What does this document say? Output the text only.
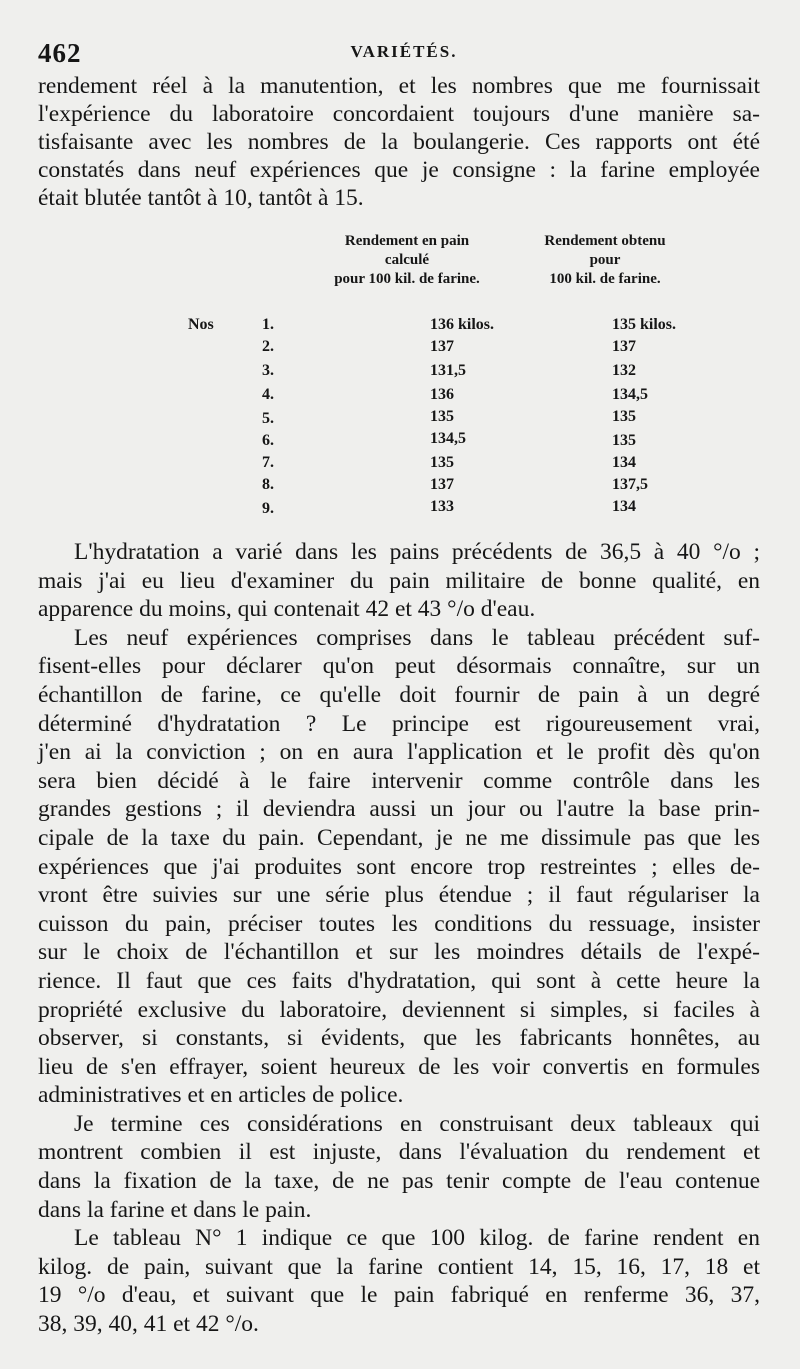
462	VARIÉTÉS.
rendement réel à la manutention, et les nombres que me fournissait
l'expérience du laboratoire concordaient toujours d'une manière sa-
tisfaisante avec les nombres de la boulangerie. Ces rapports ont été
constatés dans neuf expériences que je consigne : la farine employée
était blutée tantôt à 10, tantôt à 15.
Rendement en pain
calculé
pour 100 kil. de farine.
Rendement obtenu
pour
100 kil. de farine.
Nos	1.	136 kilos.	135 kilos.
2.	137	137
3.	131,5	132
4.	136	134,5
5.	135	135
6.	134,5	135
7.	135	134
8.	137	137,5
9.	133	134
L'hydratation a varié dans les pains précédents de 36,5 à 40 °/o ;
mais j'ai eu lieu d'examiner du pain militaire de bonne qualité, en
apparence du moins, qui contenait 42 et 43 °/o d'eau.
Les neuf expériences comprises dans le tableau précédent suf-
fisent-elles pour déclarer qu'on peut désormais connaître, sur un
échantillon de farine, ce qu'elle doit fournir de pain à un degré
déterminé d'hydratation ? Le principe est rigoureusement vrai,
j'en ai la conviction ; on en aura l'application et le profit dès qu'on
sera bien décidé à le faire intervenir comme contrôle dans les
grandes gestions ; il deviendra aussi un jour ou l'autre la base prin-
cipale de la taxe du pain. Cependant, je ne me dissimule pas que les
expériences que j'ai produites sont encore trop restreintes ; elles de-
vront être suivies sur une série plus étendue ; il faut régulariser la
cuisson du pain, préciser toutes les conditions du ressuage, insister
sur le choix de l'échantillon et sur les moindres détails de l'expé-
rience. Il faut que ces faits d'hydratation, qui sont à cette heure la
propriété exclusive du laboratoire, deviennent si simples, si faciles à
observer, si constants, si évidents, que les fabricants honnêtes, au
lieu de s'en effrayer, soient heureux de les voir convertis en formules
administratives et en articles de police.
Je termine ces considérations en construisant deux tableaux qui
montrent combien il est injuste, dans l'évaluation du rendement et
dans la fixation de la taxe, de ne pas tenir compte de l'eau contenue
dans la farine et dans le pain.
Le tableau N° 1 indique ce que 100 kilog. de farine rendent en
kilog. de pain, suivant que la farine contient 14, 15, 16, 17, 18 et
19 °/o d'eau, et suivant que le pain fabriqué en renferme 36, 37,
38, 39, 40, 41 et 42 °/o.
